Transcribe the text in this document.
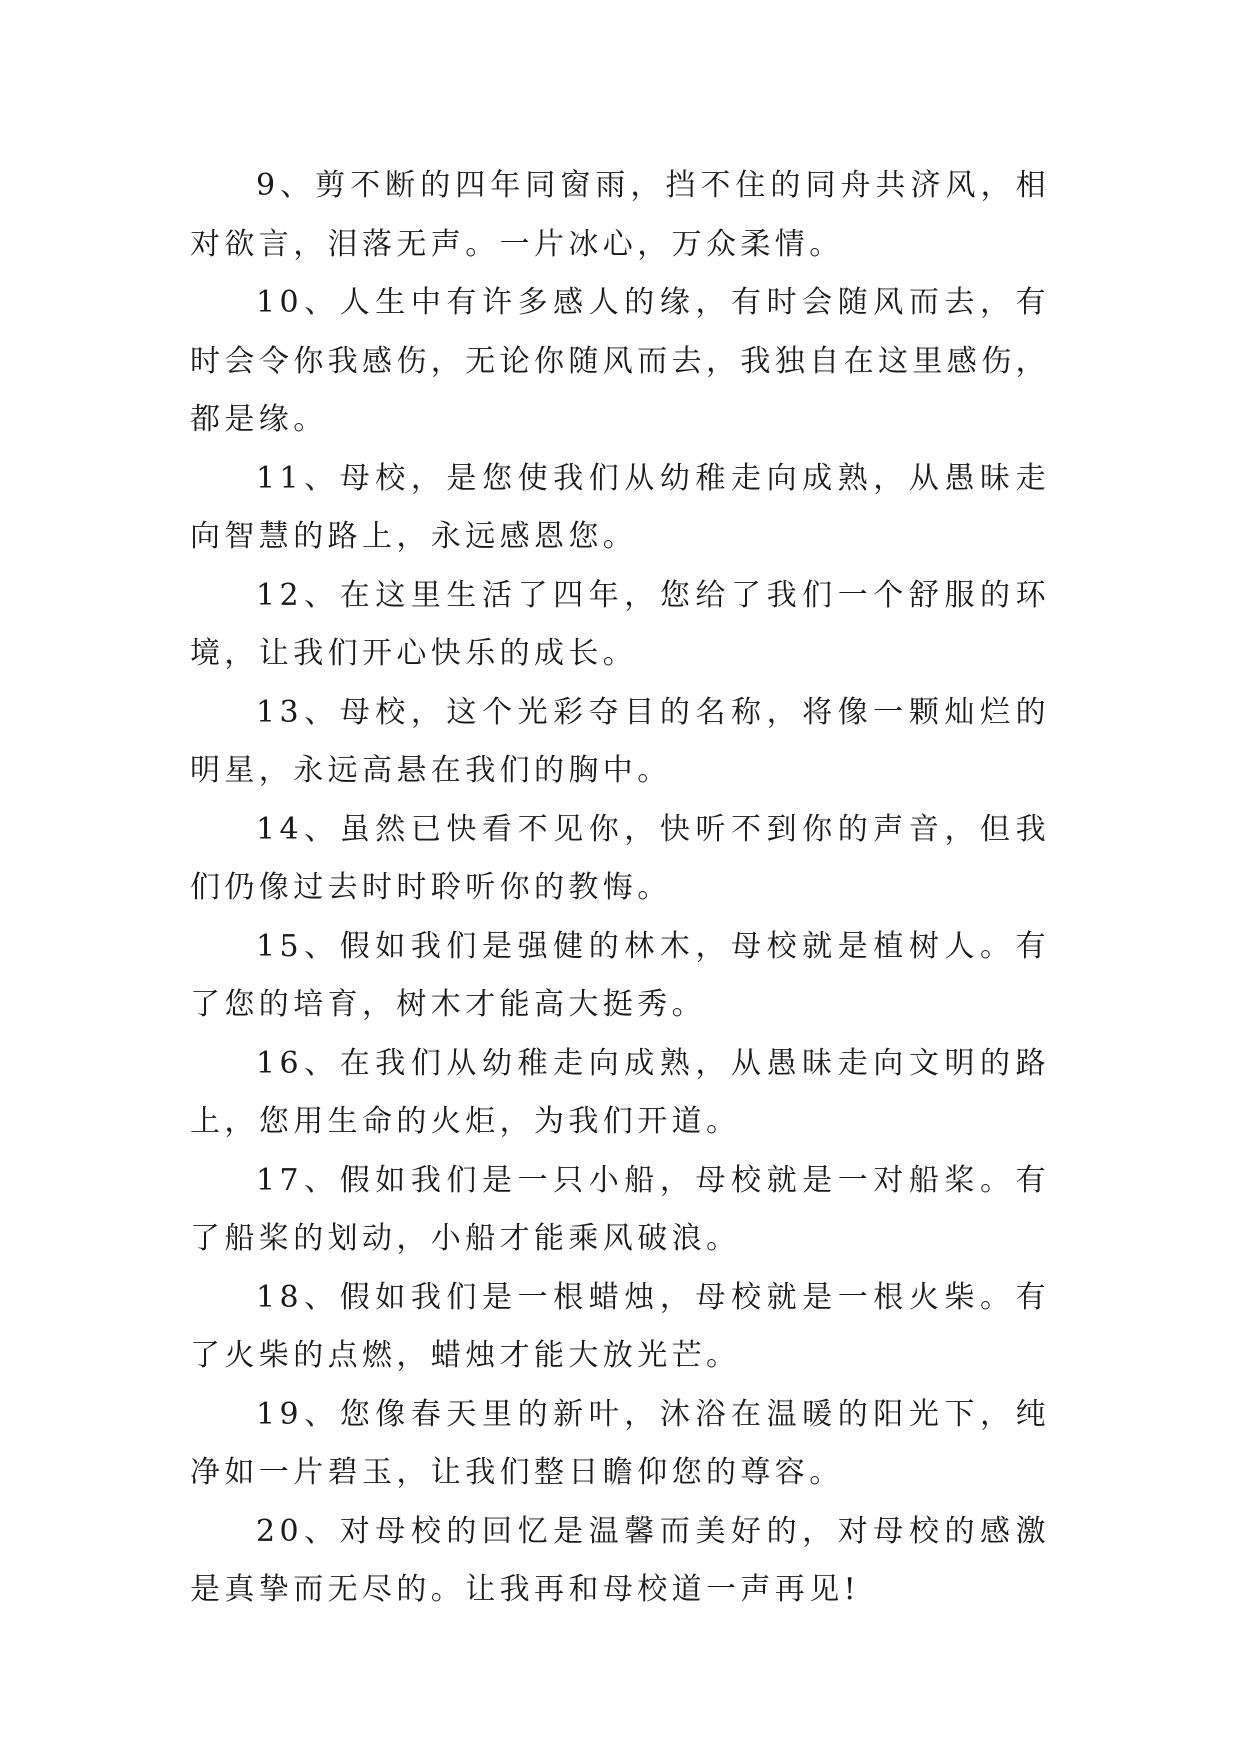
9、剪不断的四年同窗雨，挡不住的同舟共济风，相对欲言，泪落无声。一片冰心，万众柔情。

10、人生中有许多感人的缘，有时会随风而去，有时会令你我感伤，无论你随风而去，我独自在这里感伤，都是缘。

11、母校，是您使我们从幼稚走向成熟，从愚昧走向智慧的路上，永远感恩您。

12、在这里生活了四年，您给了我们一个舒服的环境，让我们开心快乐的成长。

13、母校，这个光彩夺目的名称，将像一颗灿烂的明星，永远高悬在我们的胸中。

14、虽然已快看不见你，快听不到你的声音，但我们仍像过去时时聆听你的教悔。

15、假如我们是强健的林木，母校就是植树人。有了您的培育，树木才能高大挺秀。

16、在我们从幼稚走向成熟，从愚昧走向文明的路上，您用生命的火炬，为我们开道。

17、假如我们是一只小船，母校就是一对船桨。有了船桨的划动，小船才能乘风破浪。

18、假如我们是一根蜡烛，母校就是一根火柴。有了火柴的点燃，蜡烛才能大放光芒。

19、您像春天里的新叶，沐浴在温暖的阳光下，纯净如一片碧玉，让我们整日瞻仰您的尊容。

20、对母校的回忆是温馨而美好的，对母校的感激是真挚而无尽的。让我再和母校道一声再见!
